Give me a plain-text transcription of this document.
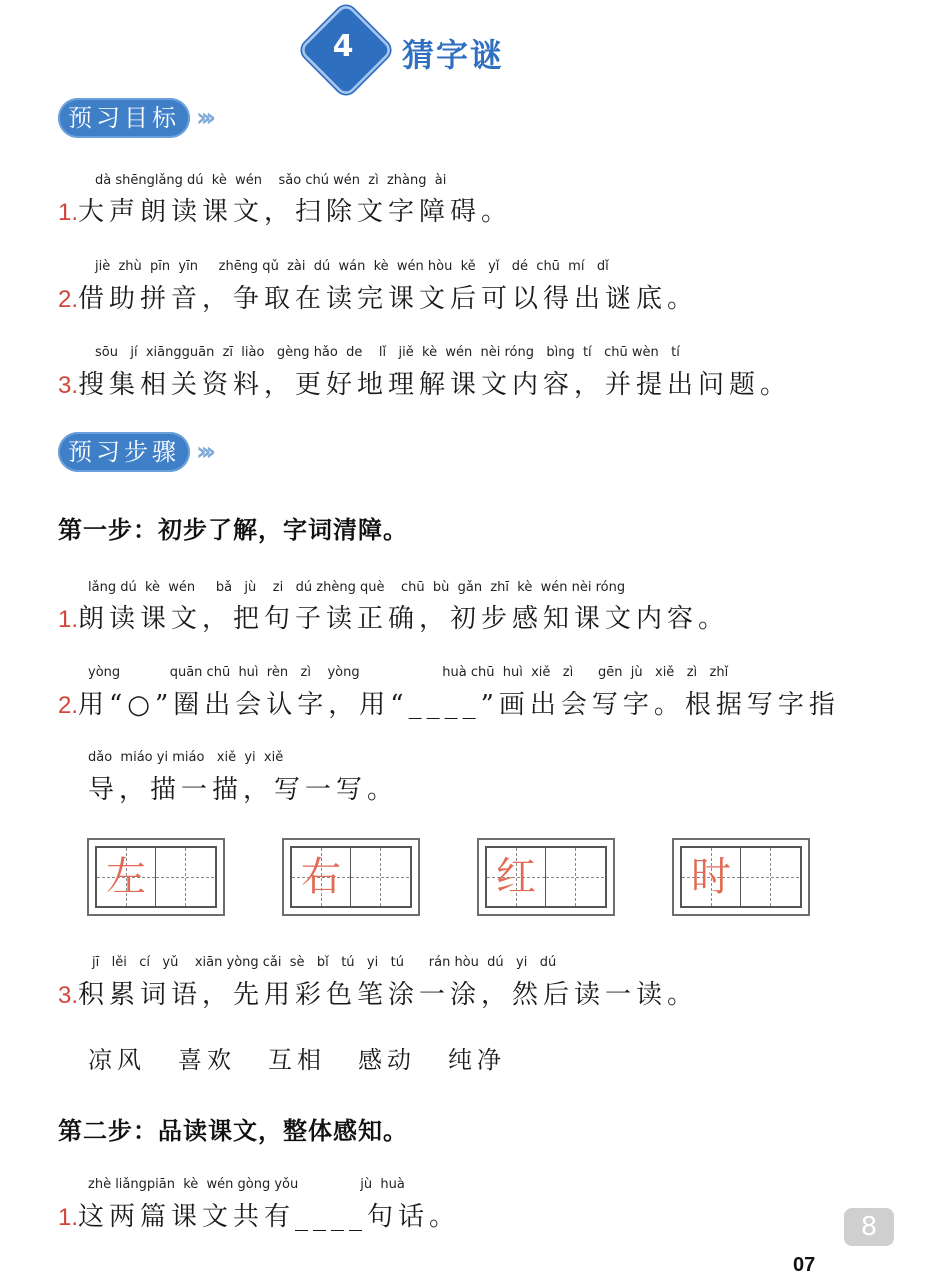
4	猜字谜
预习目标 ›››
dà shēnglǎng dú  kè  wén    sǎo chú wén  zì  zhàng  ài
1.大声朗读课文，扫除文字障碍。
jiè  zhù  pīn  yīn     zhēng qǔ  zài  dú  wán  kè  wén hòu  kě   yǐ   dé  chū  mí   dǐ
2.借助拼音，争取在读完课文后可以得出谜底。
sōu   jí  xiāngguān  zī  liào   gèng hǎo  de    lǐ   jiě  kè  wén  nèi róng   bìng  tí   chū wèn   tí
3.搜集相关资料，更好地理解课文内容，并提出问题。
预习步骤 ›››
第一步：初步了解，字词清障。
lǎng dú  kè  wén     bǎ   jù    zi   dú zhèng què    chū  bù  gǎn  zhī  kè  wén nèi róng
1.朗读课文，把句子读正确，初步感知课文内容。
yòng            quān chū  huì  rèn   zì    yòng                    huà chū  huì  xiě   zì      gēn  jù   xiě   zì   zhǐ
2.用“○”圈出会认字，用“____”画出会写字。根据写字指
dǎo  miáo yi miáo   xiě  yi  xiě
导，描一描，写一写。
左	右	红	时
jī   lěi   cí   yǔ    xiān yòng cǎi  sè   bǐ   tú   yi   tú      rán hòu  dú   yi   dú
3.积累词语，先用彩色笔涂一涂，然后读一读。
凉风 喜欢 互相 感动 纯净
第二步：品读课文，整体感知。
zhè liǎngpiān  kè  wén gòng yǒu               jù  huà
1.这两篇课文共有____句话。	8
07
